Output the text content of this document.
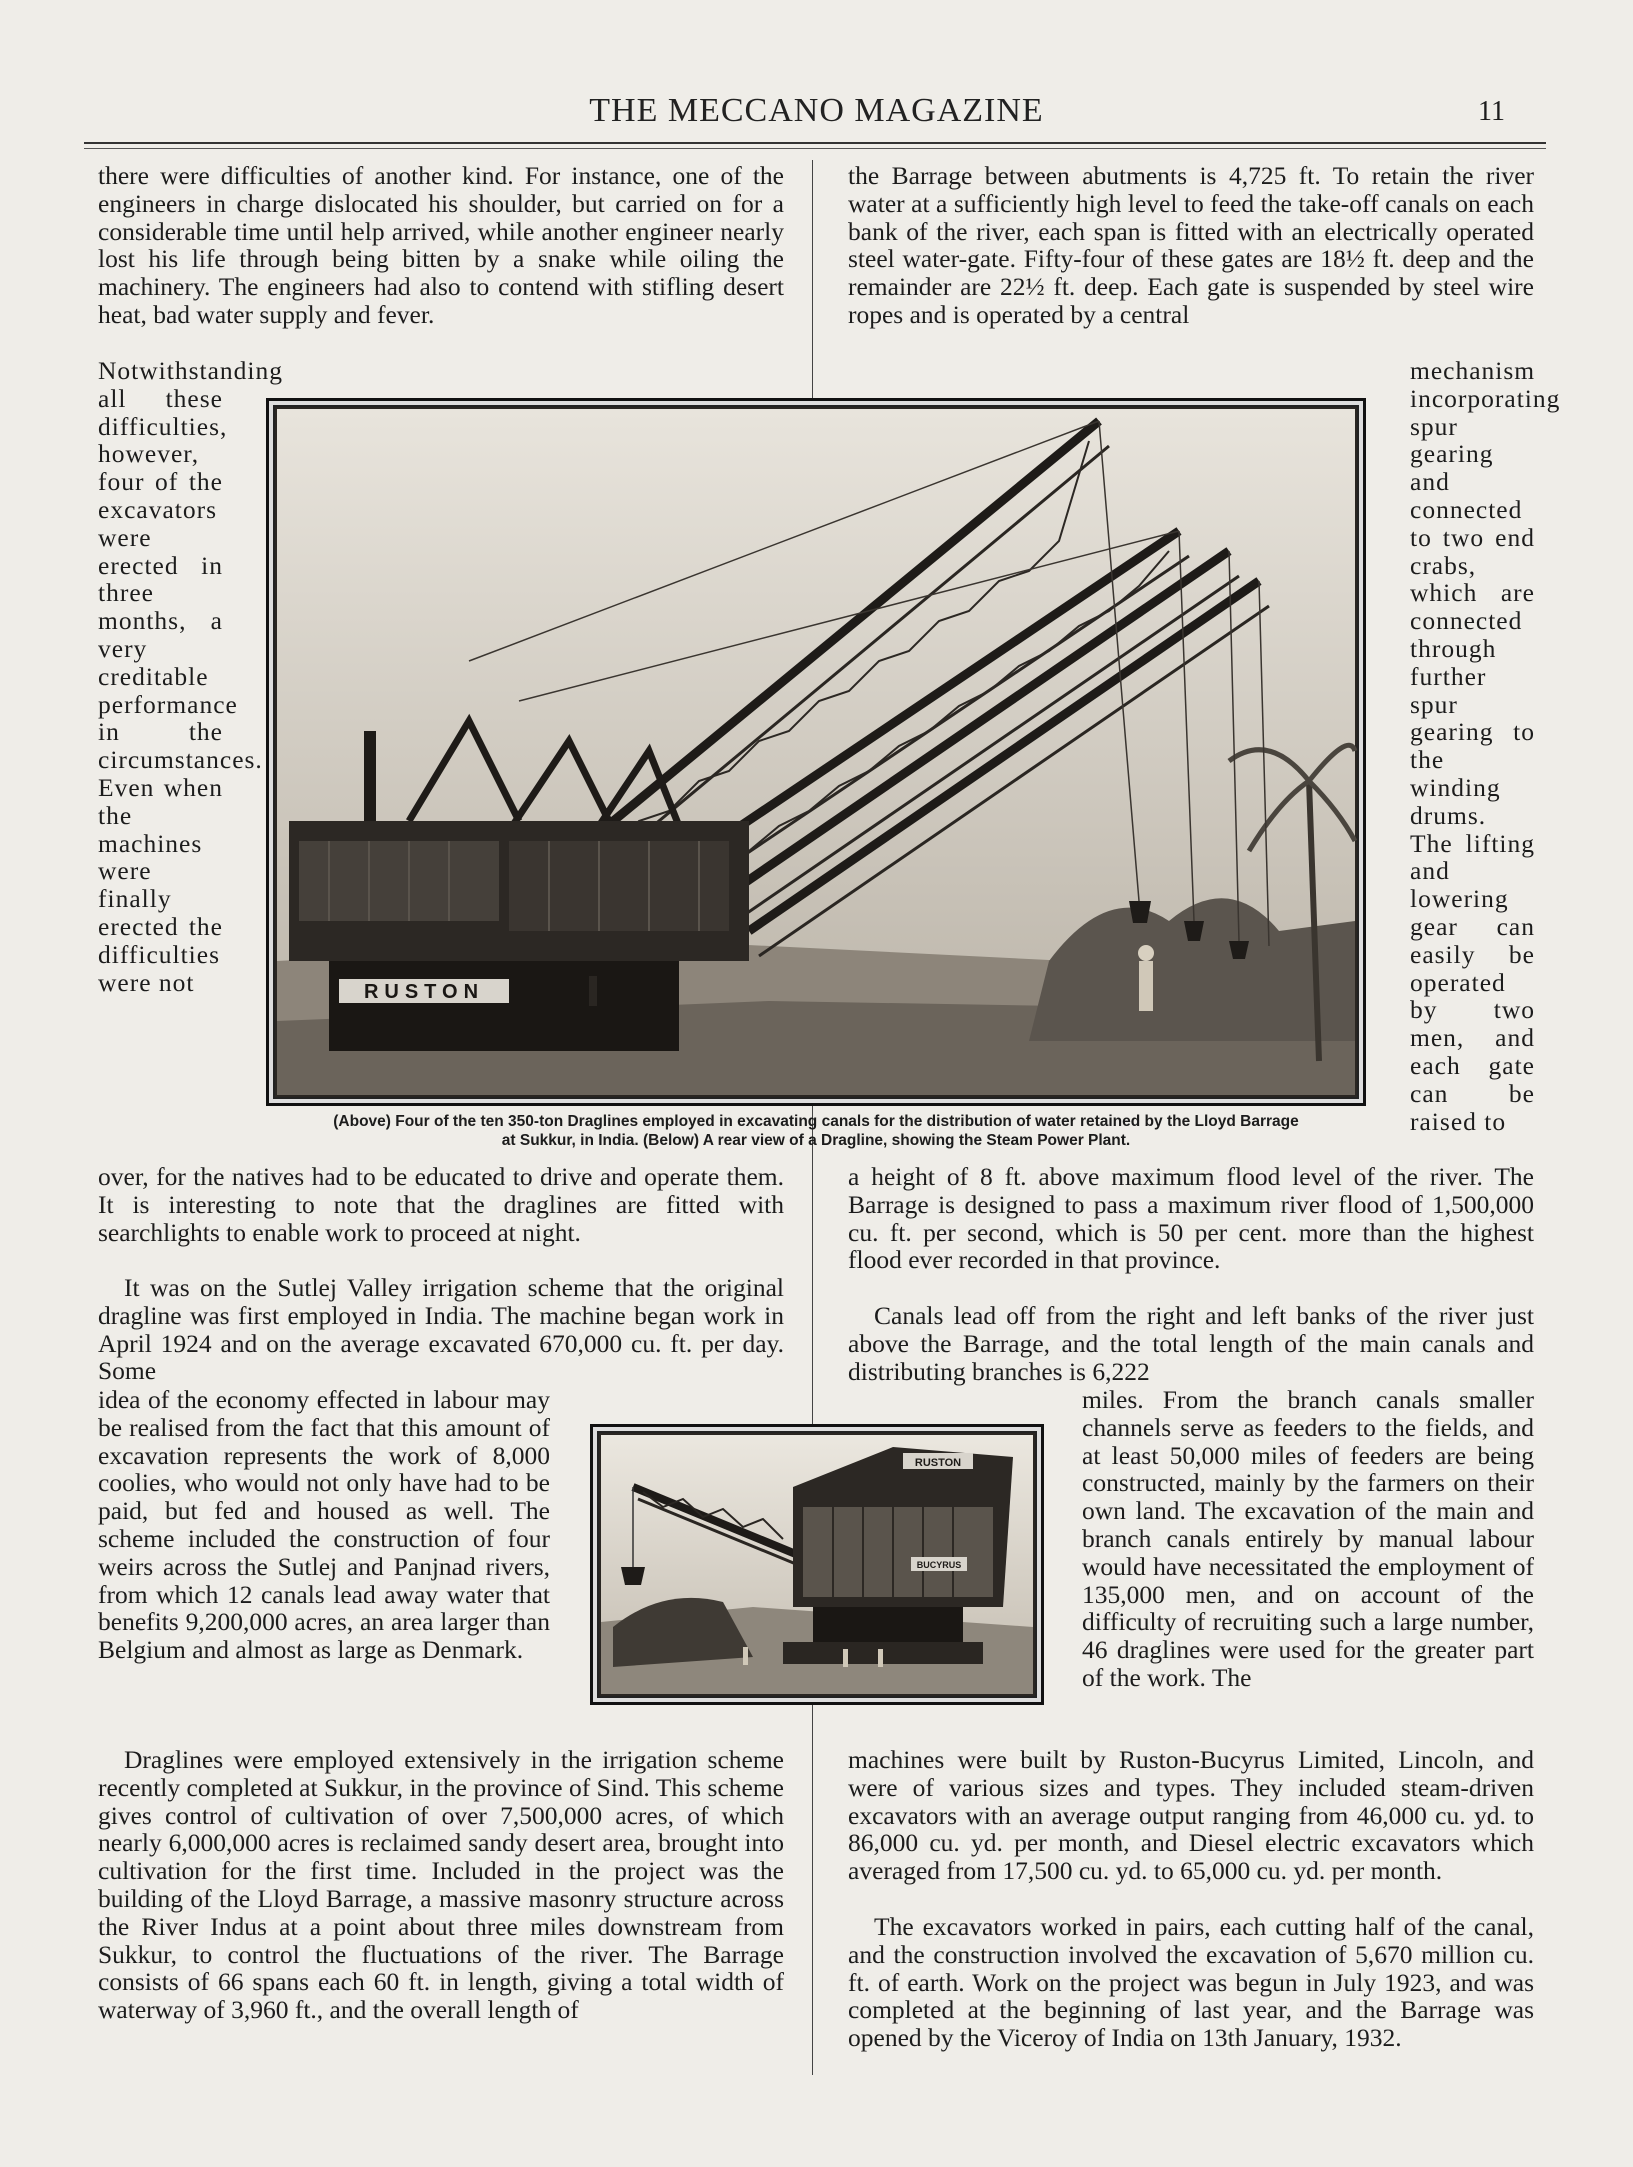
THE MECCANO MAGAZINE	11

there were difficulties of another kind. For instance, one of the engineers in charge dislocated his shoulder, but carried on for a considerable time until help arrived, while another engineer nearly lost his life through being bitten by a snake while oiling the machinery. The engineers had also to contend with stifling desert heat, bad water supply and fever.

Notwithstanding all these difficulties, however, four of the excavators were erected in three months, a very creditable performance in the circumstances. Even when the machines were finally erected the difficulties were not

over, for the natives had to be educated to drive and operate them. It is interesting to note that the draglines are fitted with searchlights to enable work to proceed at night.

It was on the Sutlej Valley irrigation scheme that the original dragline was first employed in India. The machine began work in April 1924 and on the average excavated 670,000 cu. ft. per day. Some

idea of the economy effected in labour may be realised from the fact that this amount of excavation represents the work of 8,000 coolies, who would not only have had to be paid, but fed and housed as well. The scheme included the construction of four weirs across the Sutlej and Panjnad rivers, from which 12 canals lead away water that benefits 9,200,000 acres, an area larger than Belgium and almost as large as Denmark.

Draglines were employed extensively in the irrigation scheme recently completed at Sukkur, in the province of Sind. This scheme gives control of cultivation of over 7,500,000 acres, of which nearly 6,000,000 acres is reclaimed sandy desert area, brought into cultivation for the first time. Included in the project was the building of the Lloyd Barrage, a massive masonry structure across the River Indus at a point about three miles downstream from Sukkur, to control the fluctuations of the river. The Barrage consists of 66 spans each 60 ft. in length, giving a total width of waterway of 3,960 ft., and the overall length of

the Barrage between abutments is 4,725 ft. To retain the river water at a sufficiently high level to feed the take-off canals on each bank of the river, each span is fitted with an electrically operated steel water-gate. Fifty-four of these gates are 18½ ft. deep and the remainder are 22½ ft. deep. Each gate is suspended by steel wire ropes and is operated by a central

mechanism incorporating spur gearing and connected to two end crabs, which are connected through further spur gearing to the winding drums. The lifting and lowering gear can easily be operated by two men, and each gate can be raised to

a height of 8 ft. above maximum flood level of the river. The Barrage is designed to pass a maximum river flood of 1,500,000 cu. ft. per second, which is 50 per cent. more than the highest flood ever recorded in that province.

Canals lead off from the right and left banks of the river just above the Barrage, and the total length of the main canals and distributing branches is 6,222

miles. From the branch canals smaller channels serve as feeders to the fields, and at least 50,000 miles of feeders are being constructed, mainly by the farmers on their own land. The excavation of the main and branch canals entirely by manual labour would have necessitated the employment of 135,000 men, and on account of the difficulty of recruiting such a large number, 46 draglines were used for the greater part of the work. The

machines were built by Ruston-Bucyrus Limited, Lincoln, and were of various sizes and types. They included steam-driven excavators with an average output ranging from 46,000 cu. yd. to 86,000 cu. yd. per month, and Diesel electric excavators which averaged from 17,500 cu. yd. to 65,000 cu. yd. per month.

The excavators worked in pairs, each cutting half of the canal, and the construction involved the excavation of 5,670 million cu. ft. of earth. Work on the project was begun in July 1923, and was completed at the beginning of last year, and the Barrage was opened by the Viceroy of India on 13th January, 1932.

RUSTON
(Above) Four of the ten 350-ton Draglines employed in excavating canals for the distribution of water retained by the Lloyd Barrage
at Sukkur, in India. (Below) A rear view of a Dragline, showing the Steam Power Plant.
RUSTON
BUCYRUS
